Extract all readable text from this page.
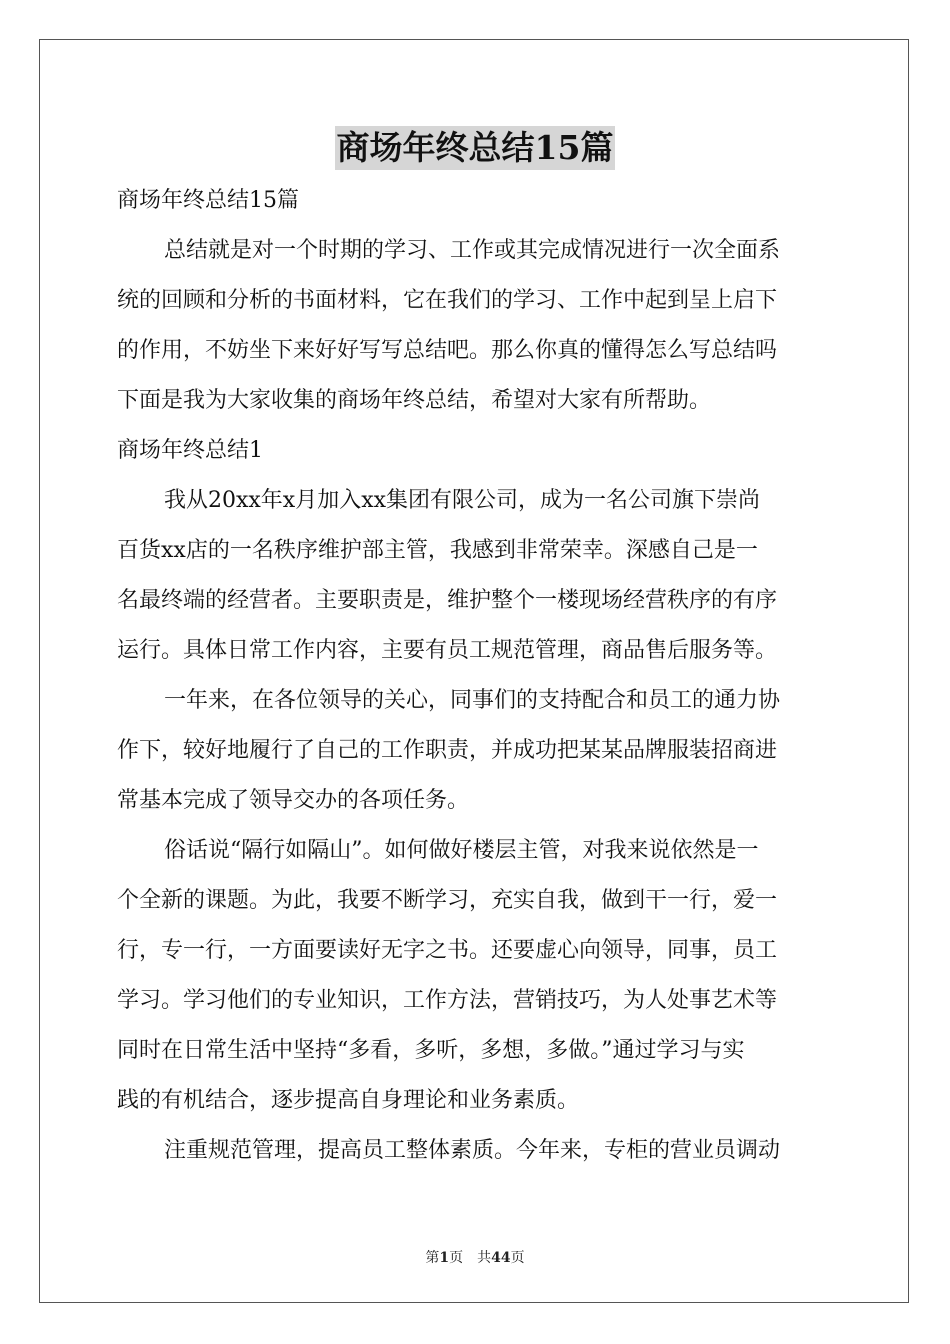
商场年终总结15篇
商场年终总结15篇
总结就是对一个时期的学习、工作或其完成情况进行一次全面系
统的回顾和分析的书面材料，它在我们的学习、工作中起到呈上启下
的作用，不妨坐下来好好写写总结吧。那么你真的懂得怎么写总结吗
下面是我为大家收集的商场年终总结，希望对大家有所帮助。
商场年终总结1
我从20xx年x月加入xx集团有限公司，成为一名公司旗下崇尚
百货xx店的一名秩序维护部主管，我感到非常荣幸。深感自己是一
名最终端的经营者。主要职责是，维护整个一楼现场经营秩序的有序
运行。具体日常工作内容，主要有员工规范管理，商品售后服务等。
一年来，在各位领导的关心，同事们的支持配合和员工的通力协
作下，较好地履行了自己的工作职责，并成功把某某品牌服装招商进
常基本完成了领导交办的各项任务。
俗话说“隔行如隔山”。如何做好楼层主管，对我来说依然是一
个全新的课题。为此，我要不断学习，充实自我，做到干一行，爱一
行，专一行，一方面要读好无字之书。还要虚心向领导，同事，员工
学习。学习他们的专业知识，工作方法，营销技巧，为人处事艺术等
同时在日常生活中坚持“多看，多听，多想，多做。”通过学习与实
践的有机结合，逐步提高自身理论和业务素质。
注重规范管理，提高员工整体素质。今年来，专柜的营业员调动
第1页 共44页
